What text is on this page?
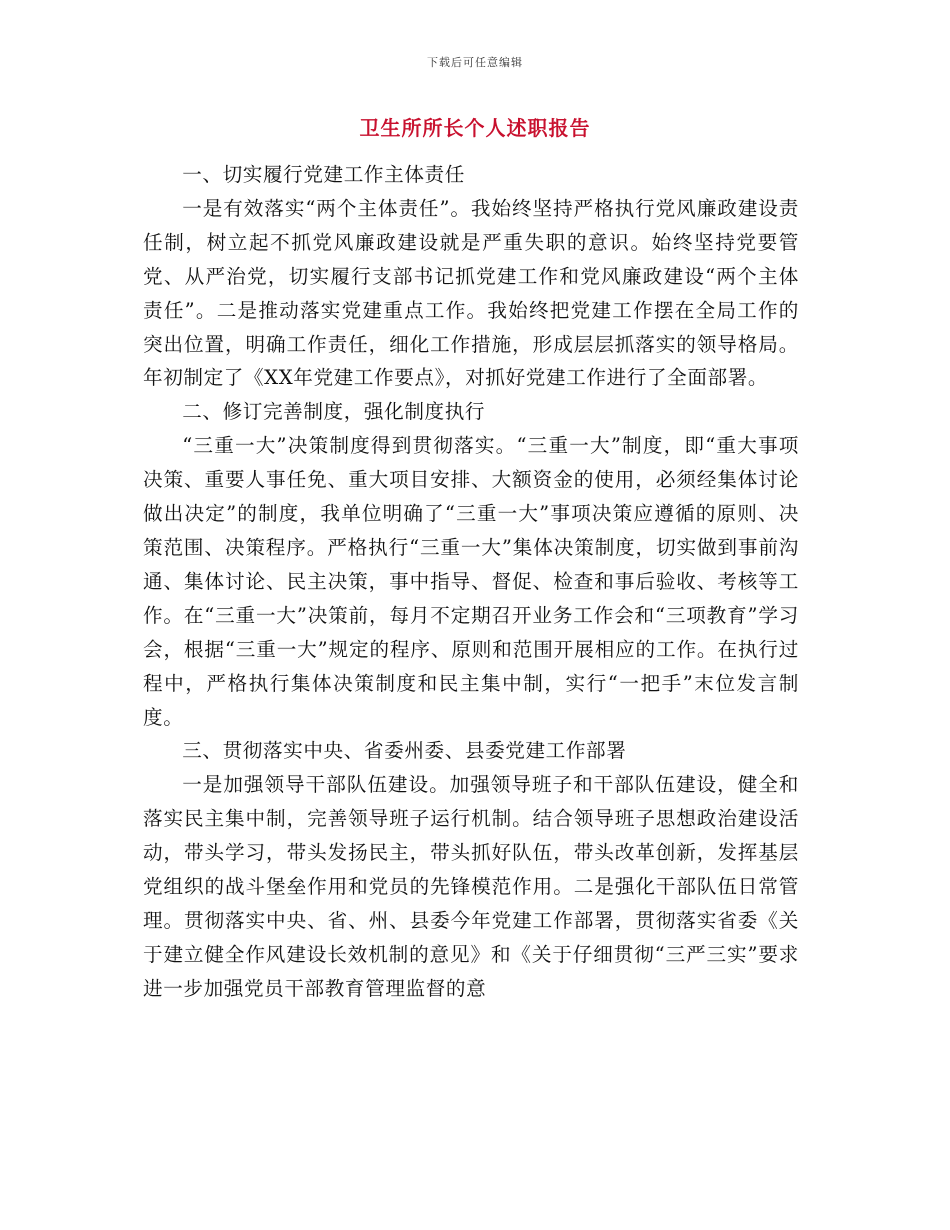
下载后可任意编辑
卫生所所长个人述职报告

一、切实履行党建工作主体责任

一是有效落实“两个主体责任”。我始终坚持严格执行党风廉政建设责任制，树立起不抓党风廉政建设就是严重失职的意识。始终坚持党要管党、从严治党，切实履行支部书记抓党建工作和党风廉政建设“两个主体责任”。二是推动落实党建重点工作。我始终把党建工作摆在全局工作的突出位置，明确工作责任，细化工作措施，形成层层抓落实的领导格局。年初制定了《XX年党建工作要点》，对抓好党建工作进行了全面部署。

二、修订完善制度，强化制度执行

“三重一大”决策制度得到贯彻落实。“三重一大”制度，即“重大事项决策、重要人事任免、重大项目安排、大额资金的使用，必须经集体讨论做出决定”的制度，我单位明确了“三重一大”事项决策应遵循的原则、决策范围、决策程序。严格执行“三重一大”集体决策制度，切实做到事前沟通、集体讨论、民主决策，事中指导、督促、检查和事后验收、考核等工作。在“三重一大”决策前，每月不定期召开业务工作会和“三项教育”学习会，根据“三重一大”规定的程序、原则和范围开展相应的工作。在执行过程中，严格执行集体决策制度和民主集中制，实行“一把手”末位发言制度。

三、贯彻落实中央、省委州委、县委党建工作部署

一是加强领导干部队伍建设。加强领导班子和干部队伍建设，健全和落实民主集中制，完善领导班子运行机制。结合领导班子思想政治建设活动，带头学习，带头发扬民主，带头抓好队伍，带头改革创新，发挥基层党组织的战斗堡垒作用和党员的先锋模范作用。二是强化干部队伍日常管理。贯彻落实中央、省、州、县委今年党建工作部署，贯彻落实省委《关于建立健全作风建设长效机制的意见》和《关于仔细贯彻“三严三实”要求进一步加强党员干部教育管理监督的意
